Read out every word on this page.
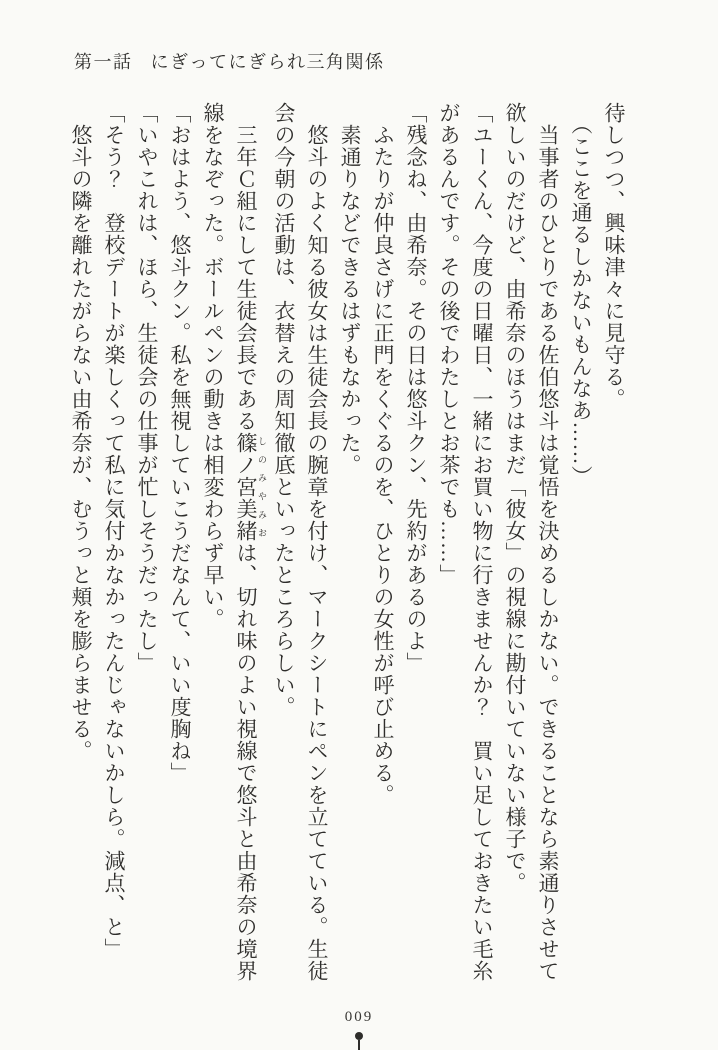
第一話 にぎってにぎられ三角関係
待しつつ、興味津々に見守る。
　（ここを通るしかないもんなあ……）
　当事者のひとりである佐伯悠斗は覚悟を決めるしかない。できることなら素通りさせて
欲しいのだけど、由希奈のほうはまだ「彼女」の視線に勘付いていない様子で。
「ユーくん、今度の日曜日、一緒にお買い物に行きませんか？　買い足しておきたい毛糸
があるんです。その後でわたしとお茶でも……」
「残念ね、由希奈。その日は悠斗クン、先約があるのよ」
　ふたりが仲良さげに正門をくぐるのを、ひとりの女性が呼び止める。
　素通りなどできるはずもなかった。
　悠斗のよく知る彼女は生徒会長の腕章を付け、マークシートにペンを立てている。生徒
会の今朝の活動は、衣替えの周知徹底といったところらしい。
　三年Ｃ組にして生徒会長である篠ノ宮美緒 しのみやみおは、切れ味のよい視線で悠斗と由希奈の境界
線をなぞった。ボールペンの動きは相変わらず早い。
「おはよう、悠斗クン。私を無視していこうだなんて、いい度胸ね」
「いやこれは、ほら、生徒会の仕事が忙しそうだったし」
「そう？　登校デートが楽しくって私に気付かなかったんじゃないかしら。減点、と」
　悠斗の隣を離れたがらない由希奈が、むうっと頬を膨らませる。
009
